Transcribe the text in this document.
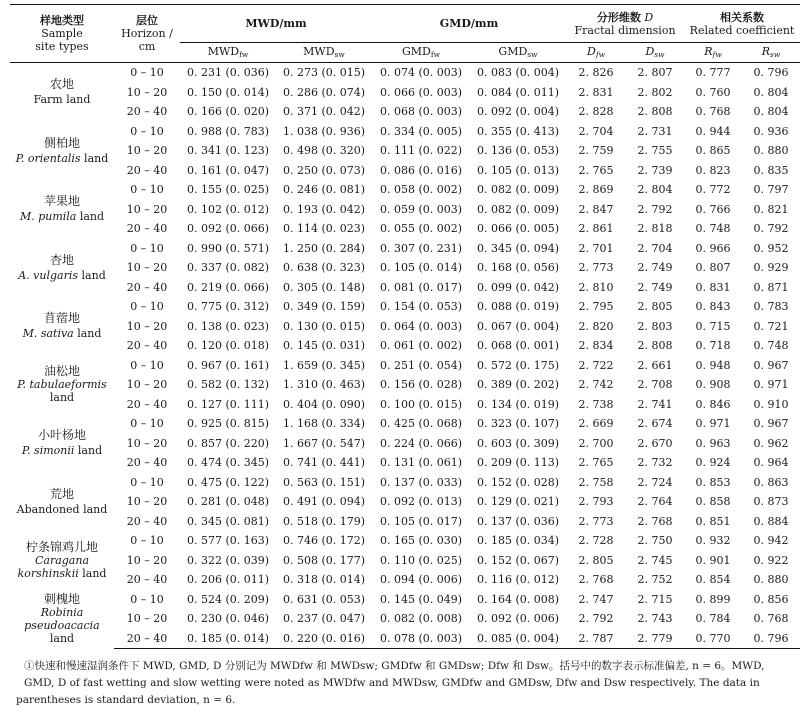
样地类型
Sample
site types	层位
Horizon /
cm	MWD/mm		GMD/mm		分形维数 D
Fractal dimension		相关系数
Related coefficient	

		$MWD_{fw}$	$MWD_{sw}$	$GMD_{fw}$	$GMD_{sw}$	$D_{fw}$	$D_{sw}$	$R_{fw}$	$R_{sw}$

农地
Farm land	0 – 10	0. 231 (0. 036)	0. 273 (0. 015)	0. 074 (0. 003)	0. 083 (0. 004)	2. 826	2. 807	0. 777	0. 796
	10 – 20	0. 150 (0. 014)	0. 286 (0. 074)	0. 066 (0. 003)	0. 084 (0. 011)	2. 831	2. 802	0. 760	0. 804
	20 – 40	0. 166 (0. 020)	0. 371 (0. 042)	0. 068 (0. 003)	0. 092 (0. 004)	2. 828	2. 808	0. 768	0. 804

侧柏地
P. orientalis land	0 – 10	0. 988 (0. 783)	1. 038 (0. 936)	0. 334 (0. 005)	0. 355 (0. 413)	2. 704	2. 731	0. 944	0. 936
	10 – 20	0. 341 (0. 123)	0. 498 (0. 320)	0. 111 (0. 022)	0. 136 (0. 053)	2. 759	2. 755	0. 865	0. 880
	20 – 40	0. 161 (0. 047)	0. 250 (0. 073)	0. 086 (0. 016)	0. 105 (0. 013)	2. 765	2. 739	0. 823	0. 835

苹果地
M. pumila land	0 – 10	0. 155 (0. 025)	0. 246 (0. 081)	0. 058 (0. 002)	0. 082 (0. 009)	2. 869	2. 804	0. 772	0. 797
	10 – 20	0. 102 (0. 012)	0. 193 (0. 042)	0. 059 (0. 003)	0. 082 (0. 009)	2. 847	2. 792	0. 766	0. 821
	20 – 40	0. 092 (0. 066)	0. 114 (0. 023)	0. 055 (0. 002)	0. 066 (0. 005)	2. 861	2. 818	0. 748	0. 792

杏地
A. vulgaris land	0 – 10	0. 990 (0. 571)	1. 250 (0. 284)	0. 307 (0. 231)	0. 345 (0. 094)	2. 701	2. 704	0. 966	0. 952
	10 – 20	0. 337 (0. 082)	0. 638 (0. 323)	0. 105 (0. 014)	0. 168 (0. 056)	2. 773	2. 749	0. 807	0. 929
	20 – 40	0. 219 (0. 066)	0. 305 (0. 148)	0. 081 (0. 017)	0. 099 (0. 042)	2. 810	2. 749	0. 831	0. 871

苜蓿地
M. sativa land	0 – 10	0. 775 (0. 312)	0. 349 (0. 159)	0. 154 (0. 053)	0. 088 (0. 019)	2. 795	2. 805	0. 843	0. 783
	10 – 20	0. 138 (0. 023)	0. 130 (0. 015)	0. 064 (0. 003)	0. 067 (0. 004)	2. 820	2. 803	0. 715	0. 721
	20 – 40	0. 120 (0. 018)	0. 145 (0. 031)	0. 061 (0. 002)	0. 068 (0. 001)	2. 834	2. 808	0. 718	0. 748

油松地
P. tabulaeformis land	0 – 10	0. 967 (0. 161)	1. 659 (0. 345)	0. 251 (0. 054)	0. 572 (0. 175)	2. 722	2. 661	0. 948	0. 967
	10 – 20	0. 582 (0. 132)	1. 310 (0. 463)	0. 156 (0. 028)	0. 389 (0. 202)	2. 742	2. 708	0. 908	0. 971
	20 – 40	0. 127 (0. 111)	0. 404 (0. 090)	0. 100 (0. 015)	0. 134 (0. 019)	2. 738	2. 741	0. 846	0. 910

小叶杨地
P. simonii land	0 – 10	0. 925 (0. 815)	1. 168 (0. 334)	0. 425 (0. 068)	0. 323 (0. 107)	2. 669	2. 674	0. 971	0. 967
	10 – 20	0. 857 (0. 220)	1. 667 (0. 547)	0. 224 (0. 066)	0. 603 (0. 309)	2. 700	2. 670	0. 963	0. 962
	20 – 40	0. 474 (0. 345)	0. 741 (0. 441)	0. 131 (0. 061)	0. 209 (0. 113)	2. 765	2. 732	0. 924	0. 964

荒地
Abandoned land	0 – 10	0. 475 (0. 122)	0. 563 (0. 151)	0. 137 (0. 033)	0. 152 (0. 028)	2. 758	2. 724	0. 853	0. 863
	10 – 20	0. 281 (0. 048)	0. 491 (0. 094)	0. 092 (0. 013)	0. 129 (0. 021)	2. 793	2. 764	0. 858	0. 873
	20 – 40	0. 345 (0. 081)	0. 518 (0. 179)	0. 105 (0. 017)	0. 137 (0. 036)	2. 773	2. 768	0. 851	0. 884

柠条锦鸡儿地
Caragana korshinskii land	0 – 10	0. 577 (0. 163)	0. 746 (0. 172)	0. 165 (0. 030)	0. 185 (0. 034)	2. 728	2. 750	0. 932	0. 942
	10 – 20	0. 322 (0. 039)	0. 508 (0. 177)	0. 110 (0. 025)	0. 152 (0. 067)	2. 805	2. 745	0. 901	0. 922
	20 – 40	0. 206 (0. 011)	0. 318 (0. 014)	0. 094 (0. 006)	0. 116 (0. 012)	2. 768	2. 752	0. 854	0. 880

刺槐地
Robinia pseudoacacia land	0 – 10	0. 524 (0. 209)	0. 631 (0. 053)	0. 145 (0. 049)	0. 164 (0. 008)	2. 747	2. 715	0. 899	0. 856
	10 – 20	0. 230 (0. 046)	0. 237 (0. 047)	0. 082 (0. 008)	0. 092 (0. 006)	2. 792	2. 743	0. 784	0. 768
	20 – 40	0. 185 (0. 014)	0. 220 (0. 016)	0. 078 (0. 003)	0. 085 (0. 004)	2. 787	2. 779	0. 770	0. 796
①快速和慢速湿润条件下 MWD, GMD, D 分别记为 MWDfw 和 MWDsw; GMDfw 和 GMDsw; Dfw 和 Dsw。括号中的数字表示标准偏差, n = 6。MWD, GMD, D of fast wetting and slow wetting were noted as MWDfw and MWDsw, GMDfw and GMDsw, Dfw and Dsw respectively. The data in
parentheses is standard deviation, n = 6.
